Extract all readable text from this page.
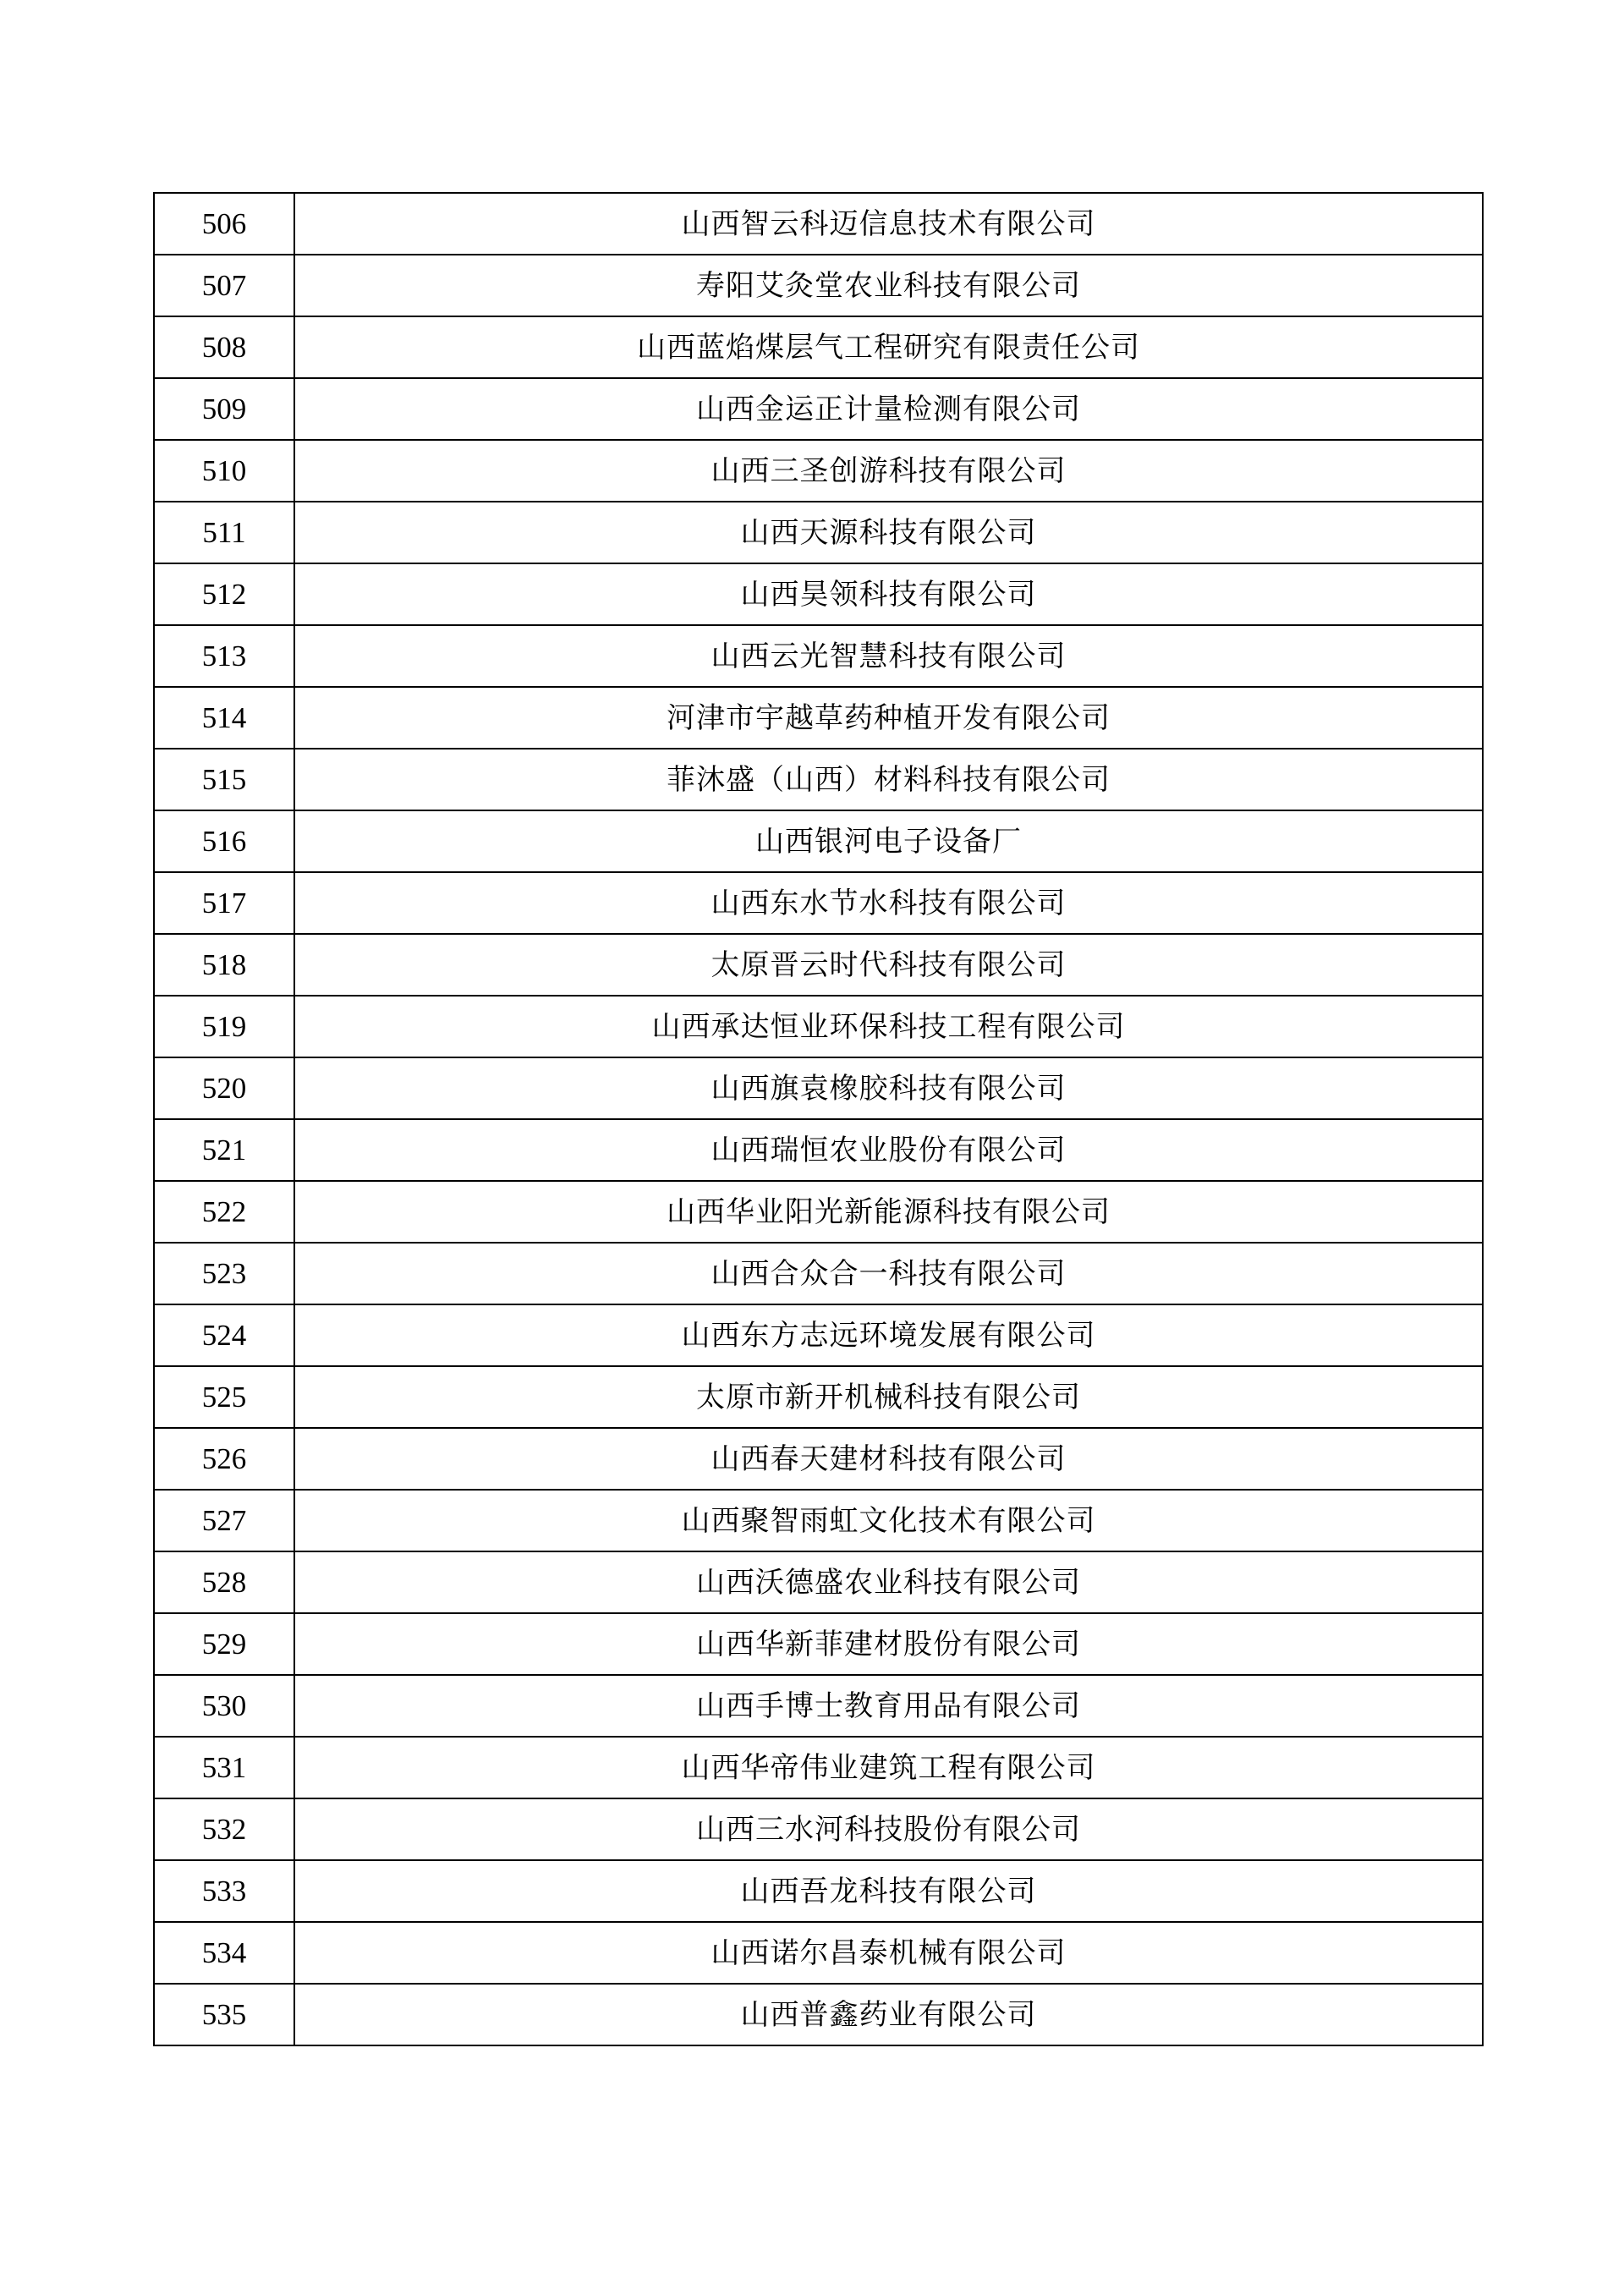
506	山西智云科迈信息技术有限公司
507	寿阳艾灸堂农业科技有限公司
508	山西蓝焰煤层气工程研究有限责任公司
509	山西金运正计量检测有限公司
510	山西三圣创游科技有限公司
511	山西天源科技有限公司
512	山西昊领科技有限公司
513	山西云光智慧科技有限公司
514	河津市宇越草药种植开发有限公司
515	菲沐盛（山西）材料科技有限公司
516	山西银河电子设备厂
517	山西东水节水科技有限公司
518	太原晋云时代科技有限公司
519	山西承达恒业环保科技工程有限公司
520	山西旗袁橡胶科技有限公司
521	山西瑞恒农业股份有限公司
522	山西华业阳光新能源科技有限公司
523	山西合众合一科技有限公司
524	山西东方志远环境发展有限公司
525	太原市新开机械科技有限公司
526	山西春天建材科技有限公司
527	山西聚智雨虹文化技术有限公司
528	山西沃德盛农业科技有限公司
529	山西华新菲建材股份有限公司
530	山西手博士教育用品有限公司
531	山西华帝伟业建筑工程有限公司
532	山西三水河科技股份有限公司
533	山西吾龙科技有限公司
534	山西诺尔昌泰机械有限公司
535	山西普鑫药业有限公司
